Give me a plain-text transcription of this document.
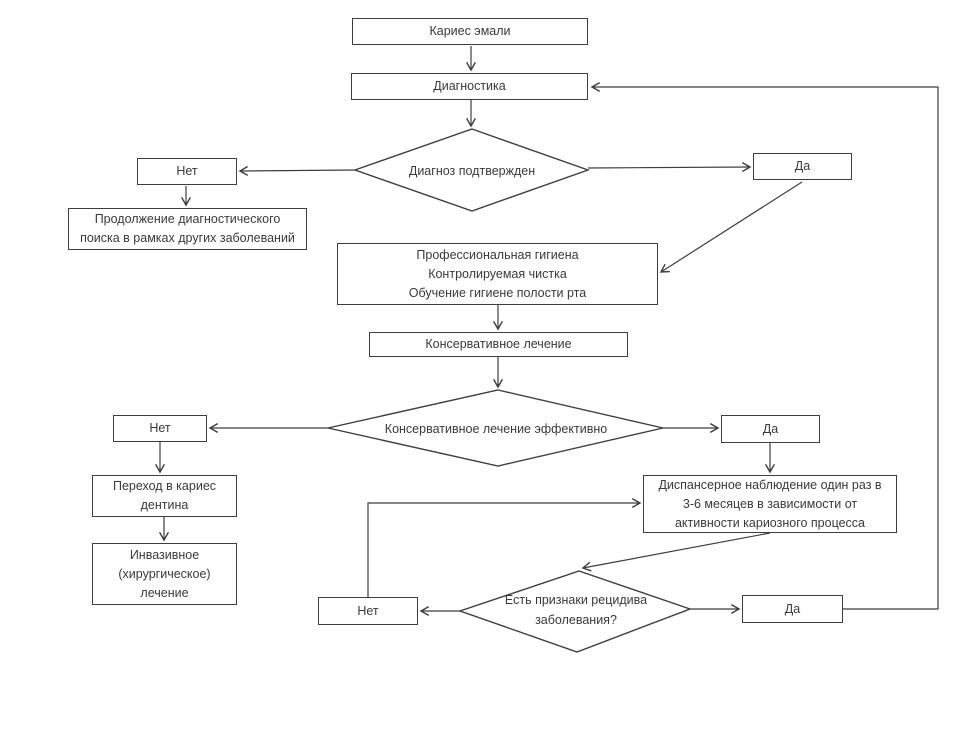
Кариес эмали
Диагностика
Нет	Да
Продолжение диагностического
поиска в рамках других заболеваний
Профессиональная гигиена
Контролируемая чистка
Обучение гигиене полости рта
Консервативное лечение
Нет	Да
Переход в кариес
дентина
Инвазивное
(хирургическое)
лечение
Диспансерное наблюдение один раз в
3-6 месяцев в зависимости от
активности кариозного процесса
Нет	Да
Диагноз подтвержден
Консервативное лечение эффективно
Есть признаки рецидива
заболевания?
